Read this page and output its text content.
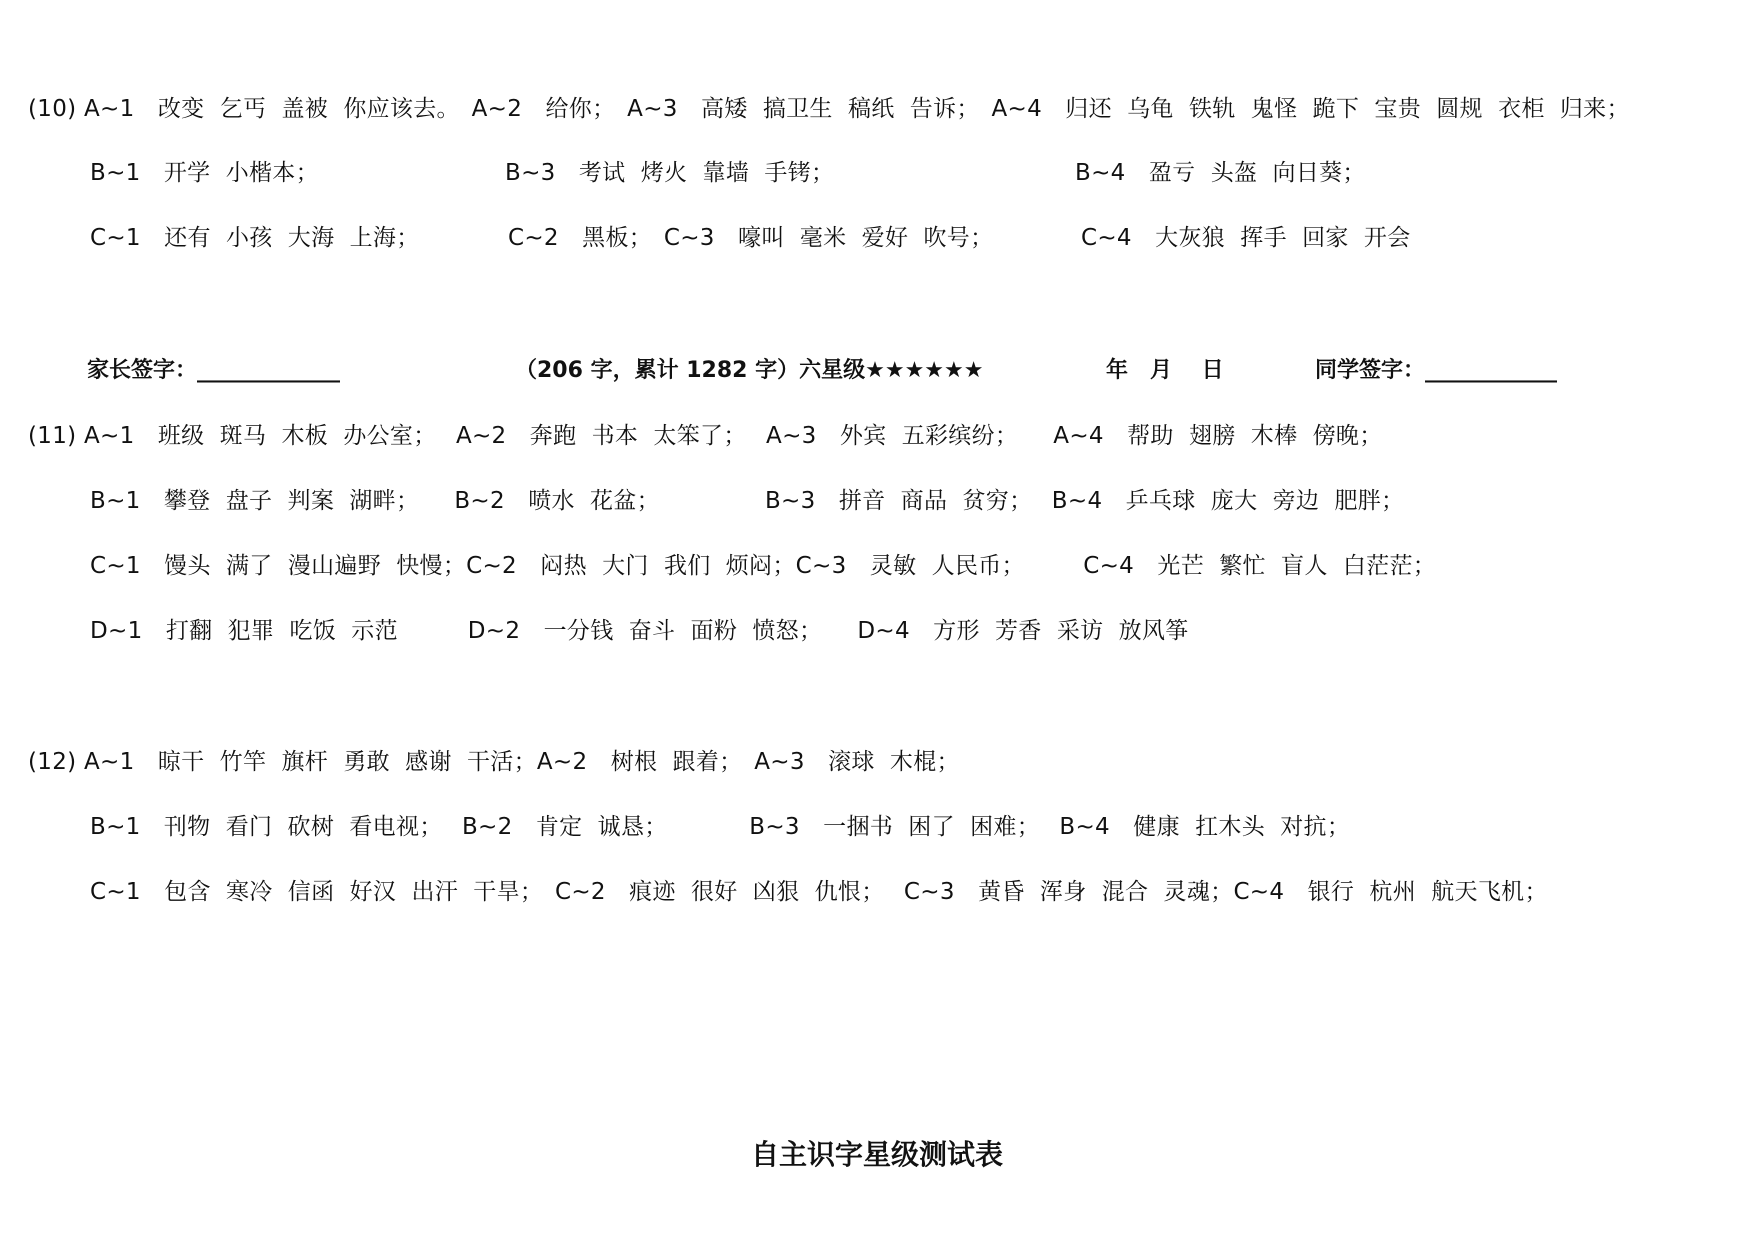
(10) A~1　改变  乞丐  盖被  你应该去。　A~2　给你；　A~3　高矮  搞卫生  稿纸  告诉；　A~4　归还  乌龟  铁轨  鬼怪  跪下  宝贵  圆规  衣柜  归来；
B~1　开学  小楷本；	B~3　考试  烤火  靠墙  手铐；	B~4　盈亏  头盔  向日葵；
C~1　还有  小孩  大海  上海；	C~2　黑板；　C~3　嚎叫  毫米  爱好  吹号；	C~4　大灰狼  挥手  回家  开会
家长签字：_____________	（206 字，累计 1282 字）六星级★★★★★★	年　月　 日	同学签字：____________
(11) A~1　班级  斑马  木板  办公室；　 A~2　奔跑  书本  太笨了；　 A~3　外宾  五彩缤纷；　　A~4　帮助  翅膀  木棒  傍晚；
B~1　攀登  盘子  判案  湖畔；　　B~2　喷水  花盆；　　　　　B~3　拼音  商品  贫穷；　 B~4　乒乓球  庞大  旁边  肥胖；
C~1　馒头  满了  漫山遍野  快慢；C~2　闷热  大门  我们  烦闷；C~3　灵敏  人民币；　　　C~4　光芒  繁忙  盲人  白茫茫；
D~1　打翻  犯罪  吃饭  示范　　　D~2　一分钱  奋斗  面粉  愤怒；　　D~4　方形  芳香  采访  放风筝
(12) A~1　晾干  竹竿  旗杆  勇敢  感谢  干活；A~2　树根  跟着；　A~3　滚球  木棍；
B~1　刊物  看门  砍树  看电视；　 B~2　肯定  诚恳；　　　　B~3　一捆书  困了  困难；　 B~4　健康  扛木头  对抗；
C~1　包含  寒冷  信函  好汉  出汗  干旱；　C~2　痕迹  很好  凶狠  仇恨；　 C~3　黄昏  浑身  混合  灵魂；C~4　银行  杭州  航天飞机；
自主识字星级测试表
